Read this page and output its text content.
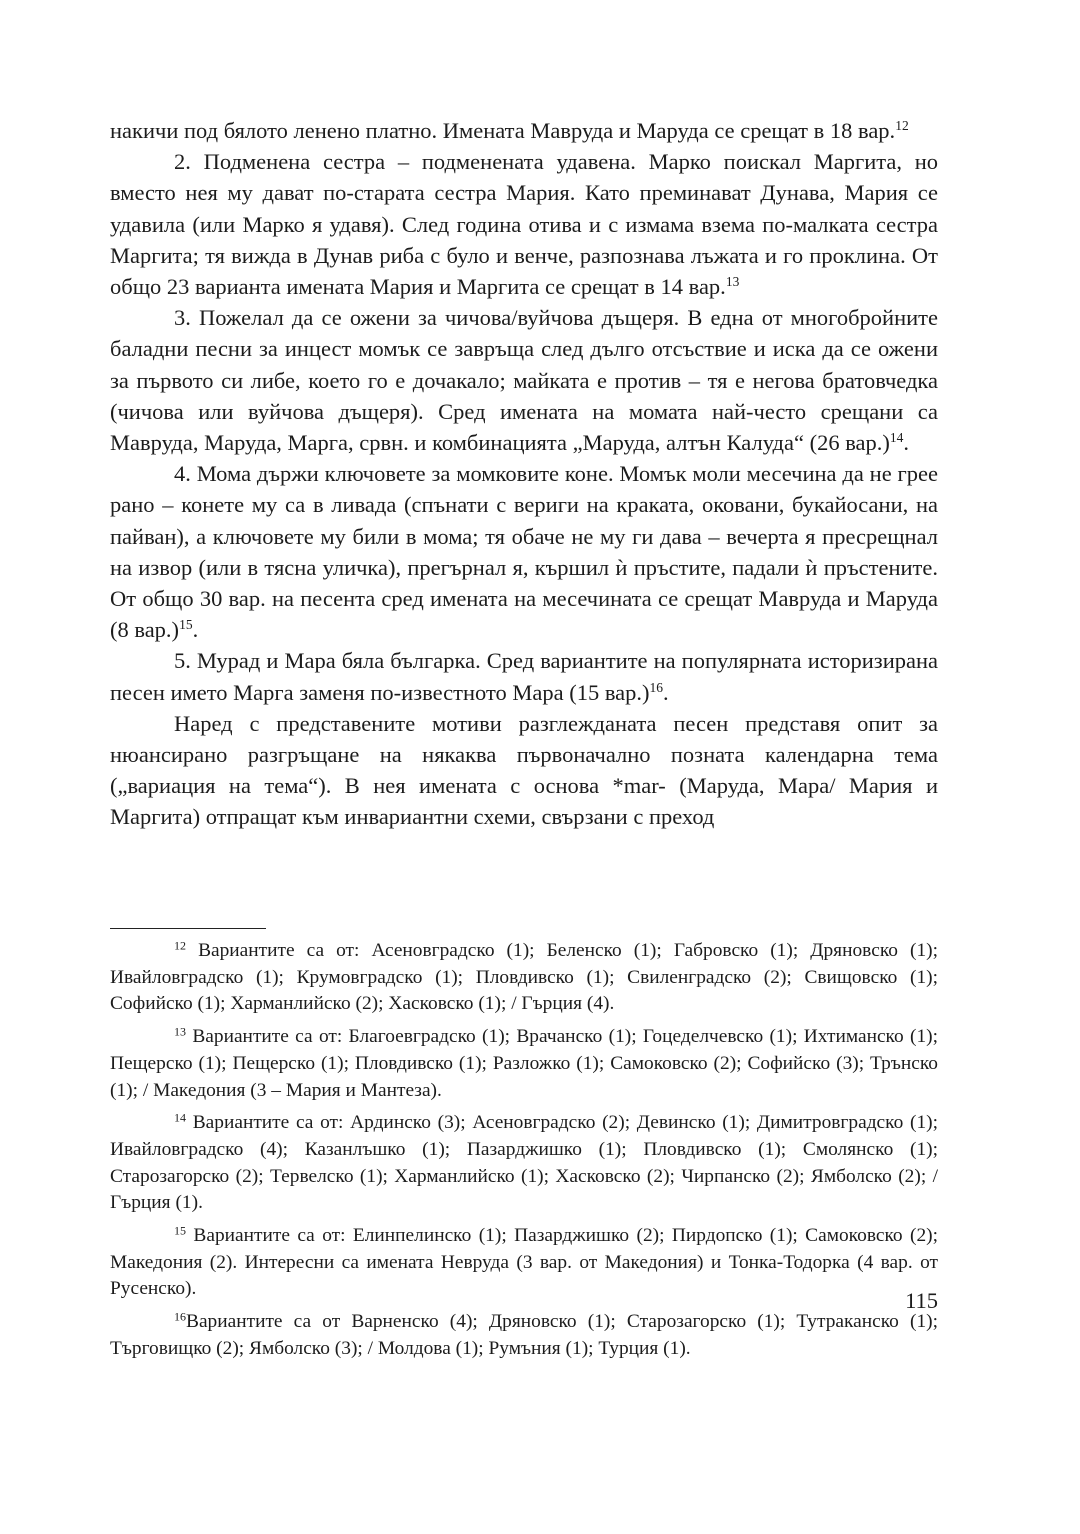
накичи под бялото ленено платно. Имената Маврудa и Маруда се срещат в 18 вар.$^{12}$

2. Подменена сестра – подменената удавена. Марко поискал Маргита, но вместо нея му дават по-старата сестра Мария. Като преминават Дунава, Мария се удавила (или Марко я удавя). След година отива и с измама взема по-малката сестра Маргита; тя вижда в Дунав риба с було и венче, разпознава лъжата и го проклина. От общо 23 варианта имената Мария и Маргита се срещат в 14 вар.$^{13}$

3. Пожелал да се ожени за чичова/вуйчова дъщеря. В една от многобройните баладни песни за инцест момък се завръща след дълго отсъствие и иска да се ожени за първото си либе, което го е дочакало; майката е против – тя е негова братовчедка (чичова или вуйчова дъщеря). Сред имената на момата най-често срещани са Маврудa, Маруда, Марга, срвн. и комбинацията „Маруда, алтън Калуда“ (26 вар.)$^{14}$.

4. Мома държи ключовете за момковите коне. Момък моли месечина да не грее рано – конете му са в ливада (спънати с вериги на краката, оковани, букайосани, на пайван), а ключовете му били в мома; тя обаче не му ги дава – вечерта я пресрещнал на извор (или в тясна уличка), прегърнал я, кършил ѝ пръстите, падали ѝ пръстените. От общо 30 вар. на песента сред имената на месечината се срещат Маврудa и Маруда (8 вар.)$^{15}$.

5. Мурад и Мара бяла българка. Сред вариантите на популярната историзирана песен името Марга заменя по-известното Мара (15 вар.)$^{16}$.

Наред с представените мотиви разглежданата песен представя опит за нюансирано разгръщане на някаква първоначално позната календарна тема („вариация на тема“). В нея имената с основа *mar- (Маруда, Мара/ Мария и Маргита) отпращат към инвариантни схеми, свързани с преход

$^{12}$ Вариантите са от: Асеновградско (1); Беленско (1); Габровско (1); Дряновско (1); Ивайловградско (1); Крумовградско (1); Пловдивско (1); Свиленградско (2); Свищовско (1); Софийско (1); Харманлийско (2); Хасковско (1); / Гърция (4).

$^{13}$ Вариантите са от: Благоевградско (1); Врачанско (1); Гоцеделчевско (1); Ихтиманско (1); Пещерско (1); Пещерско (1); Пловдивско (1); Разложко (1); Самоковско (2); Софийско (3); Трънско (1); / Македония (3 – Мария и Мантеза).

$^{14}$ Вариантите са от: Ардинско (3); Асеновградско (2); Девинско (1); Димитровградско (1); Ивайловградско (4); Казанлъшко (1); Пазарджишко (1); Пловдивско (1); Смолянско (1); Старозагорско (2); Тервелско (1); Харманлийско (1); Хасковско (2); Чирпанско (2); Ямболско (2); / Гърция (1).

$^{15}$ Вариантите са от: Елинпелинско (1); Пазарджишко (2); Пирдопско (1); Самоковско (2); Македония (2). Интересни са имената Невруда (3 вар. от Македония) и Тонка-Тодорка (4 вар. от Русенско).

$^{16}$Вариантите са от Варненско (4); Дряновско (1); Старозагорско (1); Тутраканско (1); Търговищко (2); Ямболско (3); / Молдова (1); Румъния (1); Турция (1).

115
